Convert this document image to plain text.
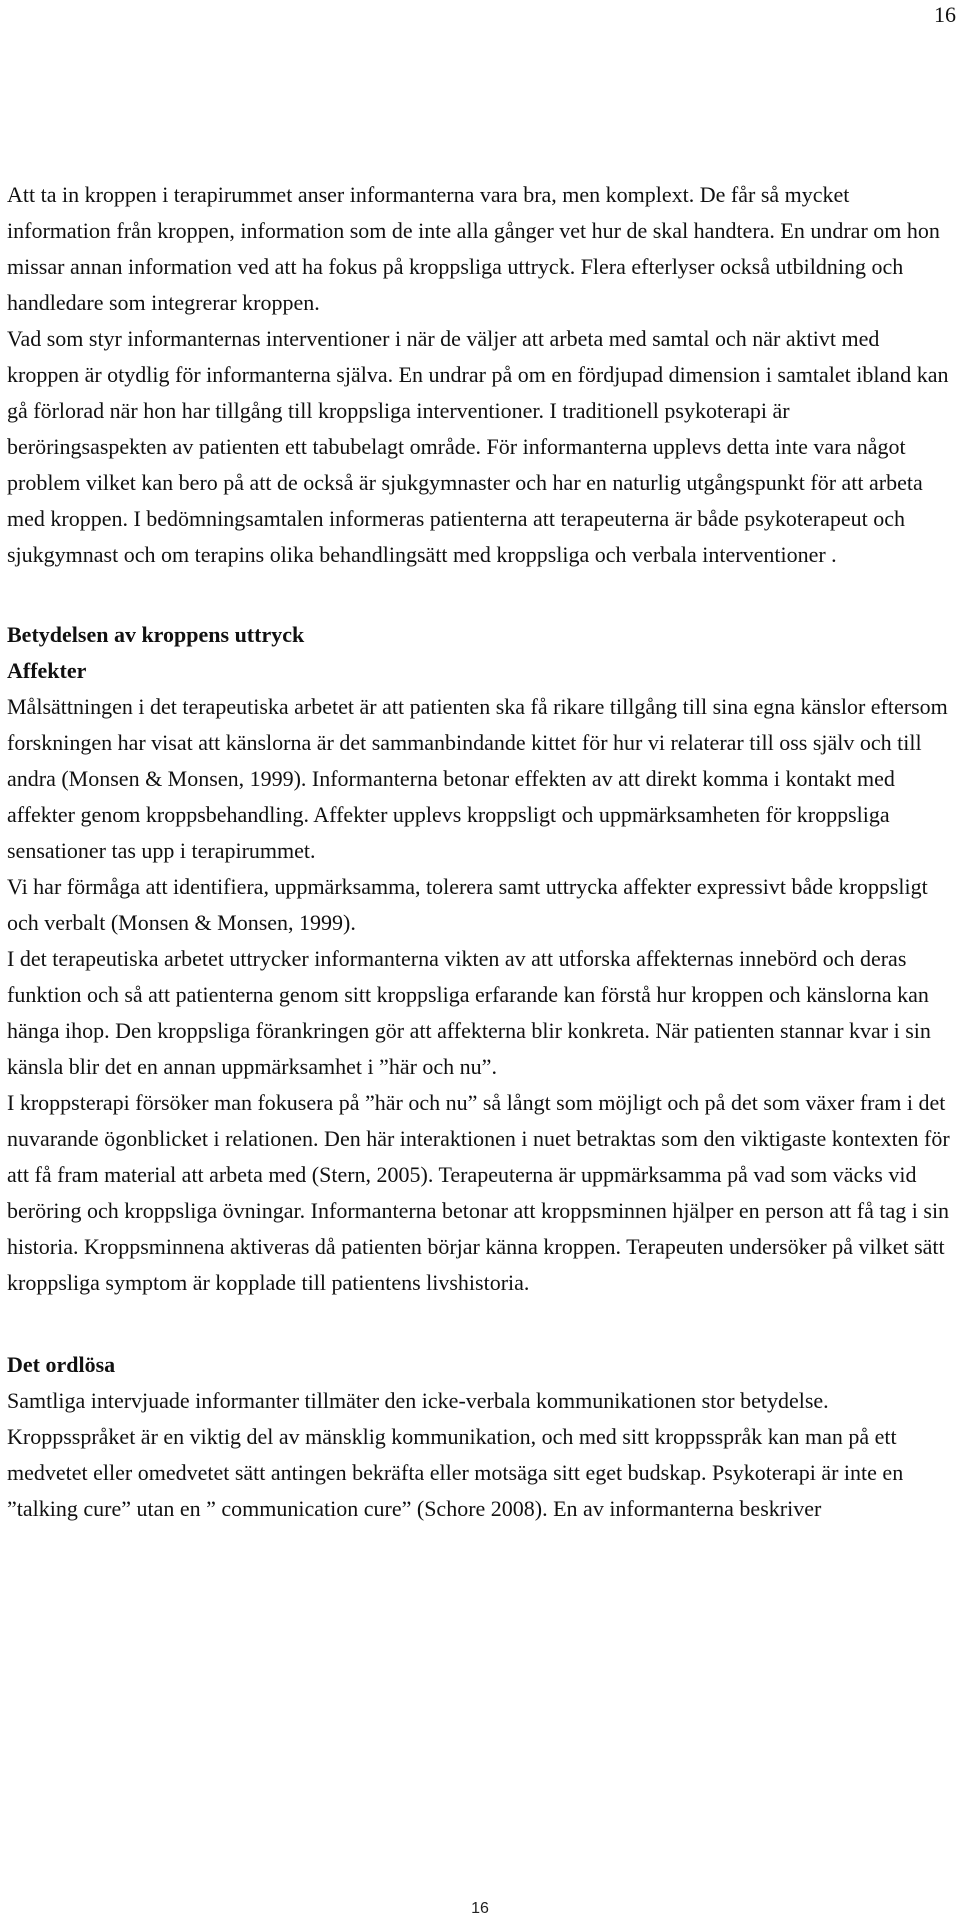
16

Att ta in kroppen i terapirummet anser informanterna vara bra, men komplext. De får så mycket information från kroppen, information som de inte alla gånger vet hur de skal handtera. En undrar om hon missar annan information ved att ha fokus på kroppsliga uttryck. Flera efterlyser också utbildning och handledare som integrerar kroppen.

Vad som styr informanternas interventioner i när de väljer att arbeta med samtal och när aktivt med kroppen är otydlig för informanterna själva. En undrar på om en fördjupad dimension i samtalet ibland kan gå förlorad när hon har tillgång till kroppsliga interventioner. I traditionell psykoterapi är beröringsaspekten av patienten ett tabubelagt område. För informanterna upplevs detta inte vara något problem vilket kan bero på att de också är sjukgymnaster och har en naturlig utgångspunkt för att arbeta med kroppen. I bedömningsamtalen informeras patienterna att terapeuterna är både psykoterapeut och sjukgymnast och om terapins olika behandlingsätt med kroppsliga och verbala interventioner .

Betydelsen av kroppens uttryck
Affekter

Målsättningen i det terapeutiska arbetet är att patienten ska få rikare tillgång till sina egna känslor eftersom forskningen har visat att känslorna är det sammanbindande kittet för hur vi relaterar till oss själv och till andra (Monsen & Monsen, 1999). Informanterna betonar effekten av att direkt komma i kontakt med affekter genom kroppsbehandling. Affekter upplevs kroppsligt och uppmärksamheten för kroppsliga sensationer tas upp i terapirummet.

Vi har förmåga att identifiera, uppmärksamma, tolerera samt uttrycka affekter expressivt både kroppsligt och verbalt (Monsen & Monsen, 1999).

I det terapeutiska arbetet uttrycker informanterna vikten av att utforska affekternas innebörd och deras funktion och så att patienterna genom sitt kroppsliga erfarande kan förstå hur kroppen och känslorna kan hänga ihop. Den kroppsliga förankringen gör att affekterna blir konkreta. När patienten stannar kvar i sin känsla blir det en annan uppmärksamhet i ”här och nu”.

I kroppsterapi försöker man fokusera på ”här och nu” så långt som möjligt och på det som växer fram i det nuvarande ögonblicket i relationen. Den här interaktionen i nuet betraktas som den viktigaste kontexten för att få fram material att arbeta med (Stern, 2005). Terapeuterna är uppmärksamma på vad som väcks vid beröring och kroppsliga övningar. Informanterna betonar att kroppsminnen hjälper en person att få tag i sin historia. Kroppsminnena aktiveras då patienten börjar känna kroppen. Terapeuten undersöker på vilket sätt kroppsliga symptom är kopplade till patientens livshistoria.

Det ordlösa

Samtliga intervjuade informanter tillmäter den icke-verbala kommunikationen stor betydelse. Kroppsspråket är en viktig del av mänsklig kommunikation, och med sitt kroppsspråk kan man på ett medvetet eller omedvetet sätt antingen bekräfta eller motsäga sitt eget budskap. Psykoterapi är inte en ”talking cure” utan en ” communication cure” (Schore 2008). En av informanterna beskriver

16
